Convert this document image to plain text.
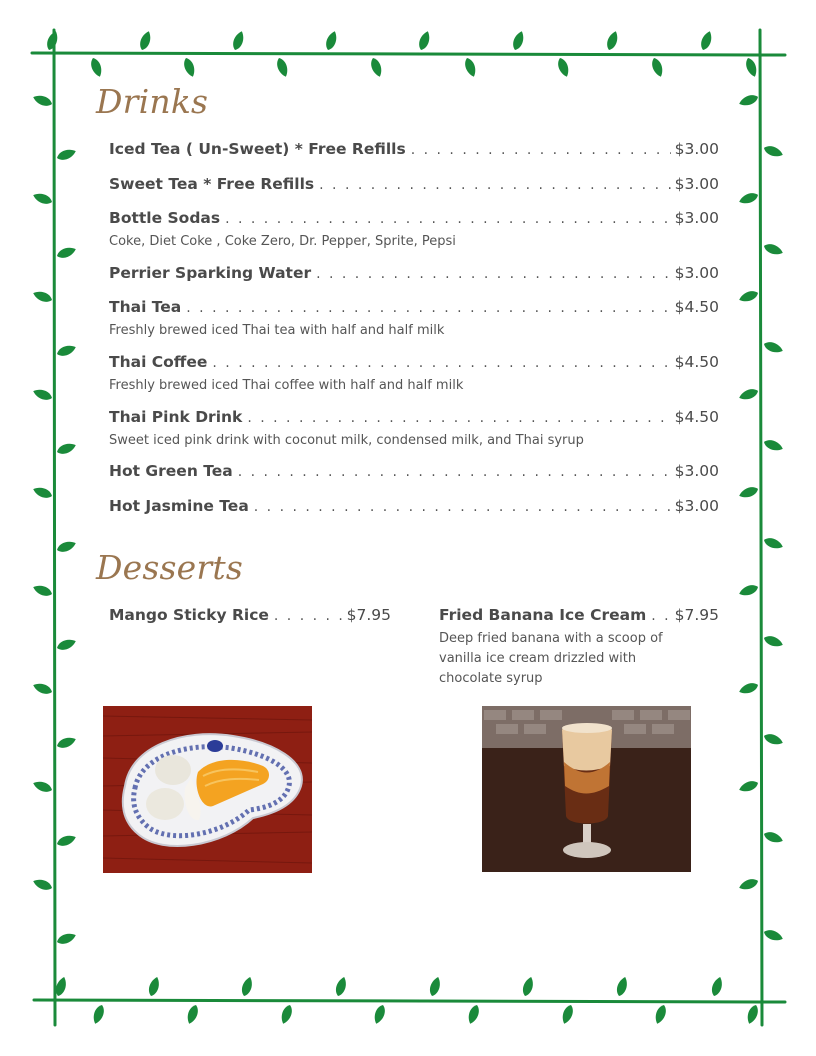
Drinks
Iced Tea ( Un-Sweet) * Free Refills . . .	$3.00
Sweet Tea * Free Refills . . .	$3.00
Bottle Sodas . . .	$3.00
Coke, Diet Coke , Coke Zero, Dr. Pepper, Sprite, Pepsi
Perrier Sparking Water . . .	$3.00
Thai Tea . . .	$4.50
Freshly brewed iced Thai tea with half and half milk
Thai Coffee . . .	$4.50
Freshly brewed iced Thai coffee with half and half milk
Thai Pink Drink . . .	$4.50
Sweet iced pink drink with coconut milk, condensed milk, and Thai syrup
Hot Green Tea . . .	$3.00
Hot Jasmine Tea . . .	$3.00
Desserts
Mango Sticky Rice . . .	$7.95	Fried Banana Ice Cream . . . $7.95
Deep fried banana with a scoop of vanilla ice cream drizzled with chocolate syrup
